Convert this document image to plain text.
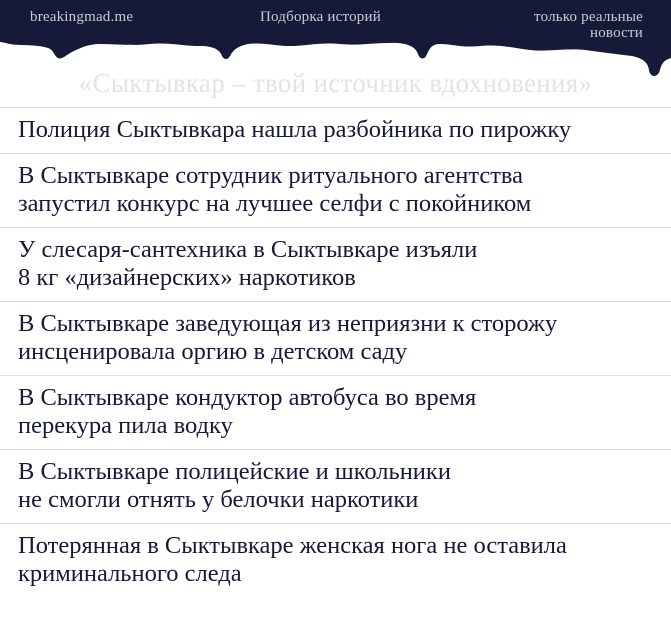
breakingmad.me	Подборка историй	только реальные
новости
«Сыктывкар – твой источник вдохновения»
Полиция Сыктывкара нашла разбойника по пирожку
В Сыктывкаре сотрудник ритуального агентства
запустил конкурс на лучшее селфи с покойником
У слесаря-сантехника в Сыктывкаре изъяли
8 кг «дизайнерских» наркотиков
В Сыктывкаре заведующая из неприязни к сторожу
инсценировала оргию в детском саду
В Сыктывкаре кондуктор автобуса во время
перекура пила водку
В Сыктывкаре полицейские и школьники
не смогли отнять у белочки наркотики
Потерянная в Сыктывкаре женская нога не оставила
криминального следа
